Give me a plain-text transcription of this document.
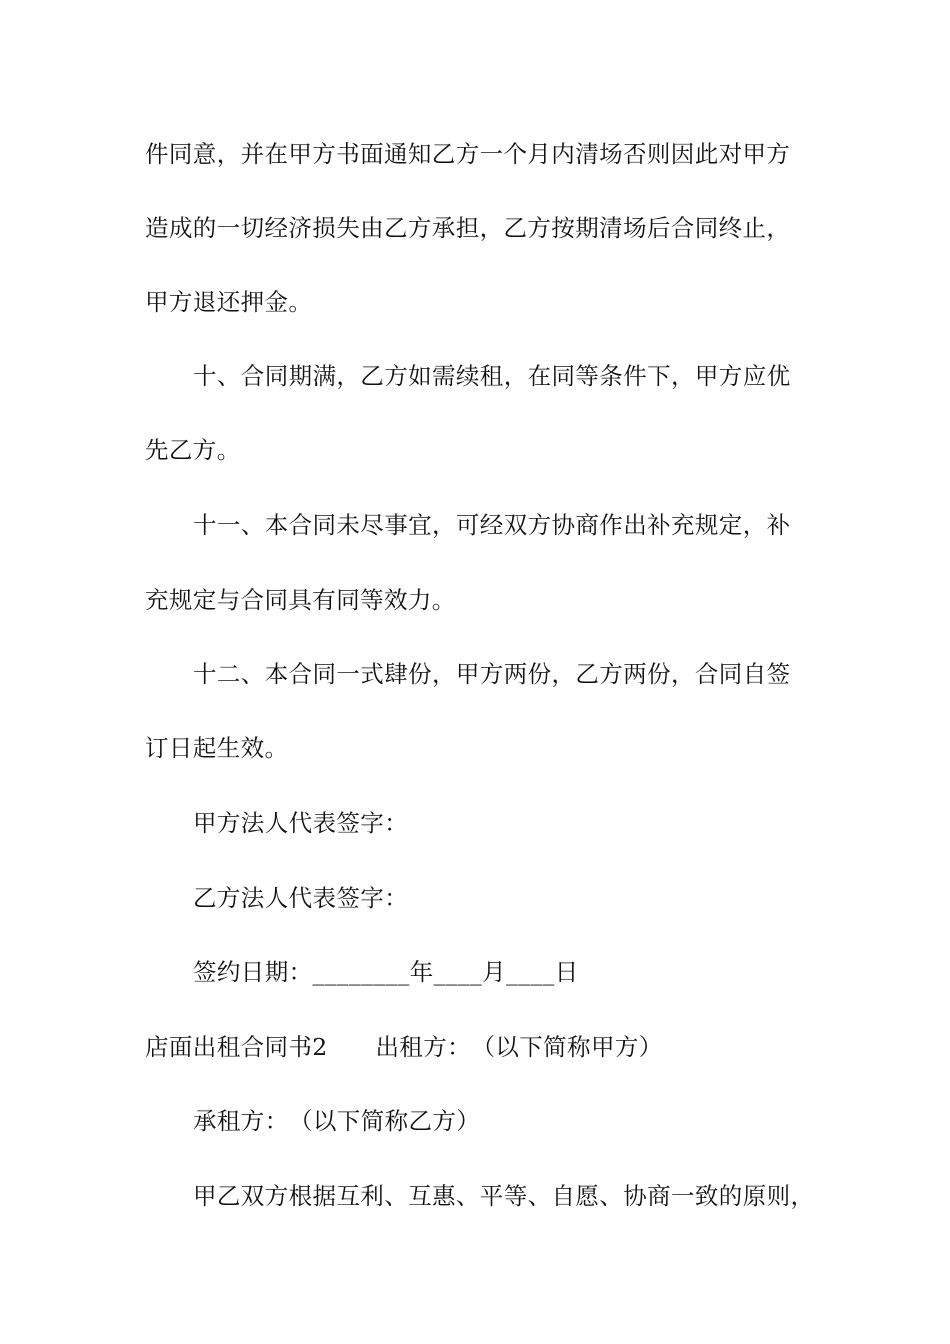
件同意，并在甲方书面通知乙方一个月内清场否则因此对甲方
造成的一切经济损失由乙方承担，乙方按期清场后合同终止，
甲方退还押金。
十、合同期满，乙方如需续租，在同等条件下，甲方应优
先乙方。
十一、本合同未尽事宜，可经双方协商作出补充规定，补
充规定与合同具有同等效力。
十二、本合同一式肆份，甲方两份，乙方两份，合同自签
订日起生效。
甲方法人代表签字：
乙方法人代表签字：
签约日期：________年____月____日
店面出租合同书2　　出租方：　（以下简称甲方）
承租方：　（以下简称乙方）
甲乙双方根据互利、互惠、平等、自愿、协商一致的原则，
